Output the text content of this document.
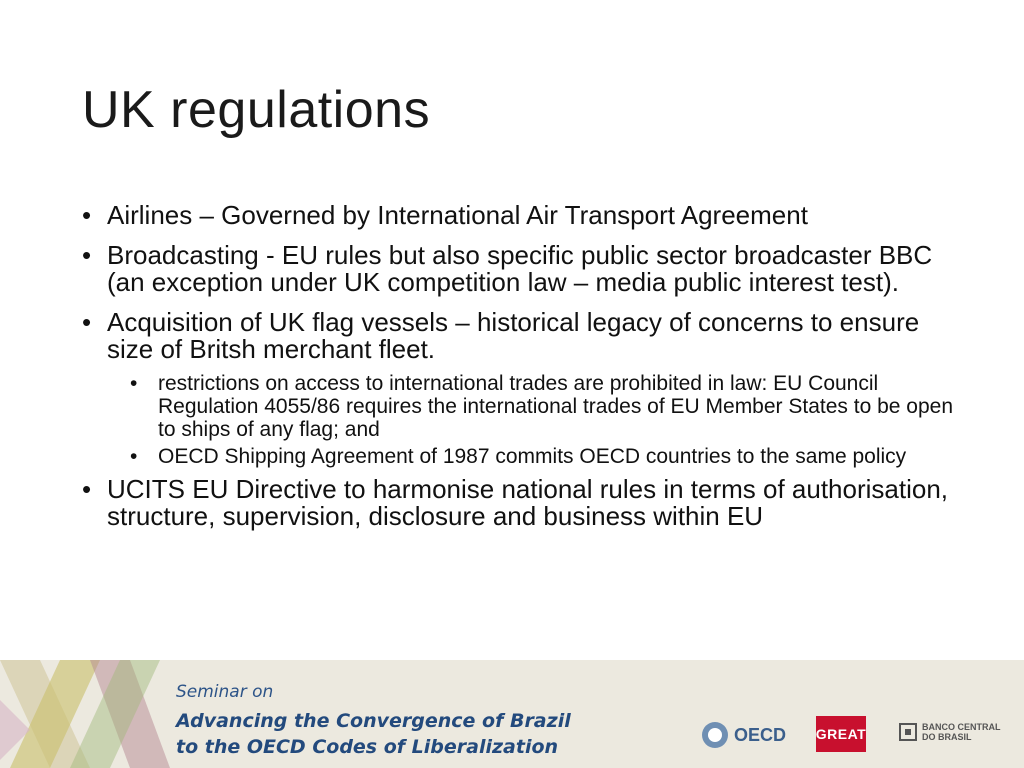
UK regulations
• Airlines – Governed by International Air Transport Agreement
• Broadcasting - EU rules but also specific public sector broadcaster BBC (an exception under UK competition law – media public interest test).
• Acquisition of UK flag vessels – historical legacy of concerns to ensure size of Britsh merchant fleet.
• restrictions on access to international trades are prohibited in law: EU Council Regulation 4055/86 requires the international trades of EU Member States to be open to ships of any flag; and
• OECD Shipping Agreement of 1987 commits OECD countries to the same policy
• UCITS EU Directive to harmonise national rules in terms of authorisation, structure, supervision, disclosure and business within EU
Seminar on
Advancing the Convergence of Brazil
to the OECD Codes of Liberalization
OECD GREAT	BANCO CENTRAL DO BRASIL
